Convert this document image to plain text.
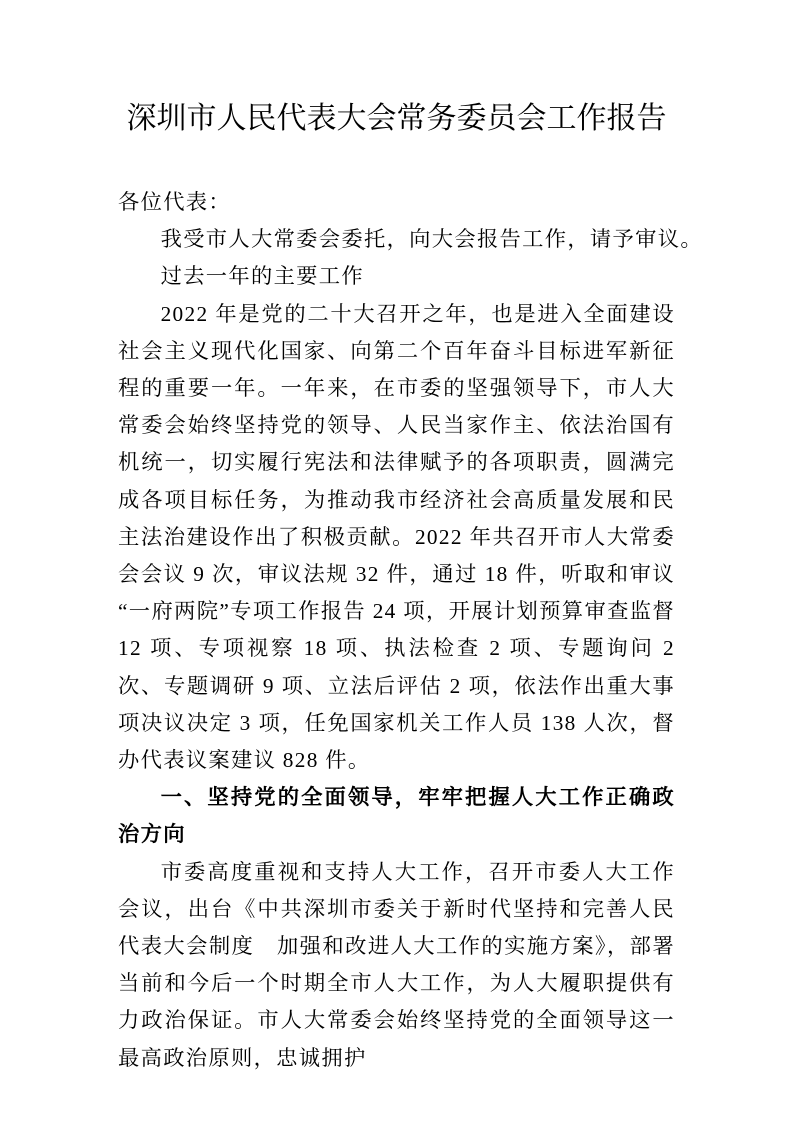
深圳市人民代表大会常务委员会工作报告

各位代表：

我受市人大常委会委托，向大会报告工作，请予审议。

过去一年的主要工作

2022 年是党的二十大召开之年，也是进入全面建设社会主义现代化国家、向第二个百年奋斗目标进军新征程的重要一年。一年来，在市委的坚强领导下，市人大常委会始终坚持党的领导、人民当家作主、依法治国有机统一，切实履行宪法和法律赋予的各项职责，圆满完成各项目标任务，为推动我市经济社会高质量发展和民主法治建设作出了积极贡献。2022 年共召开市人大常委会会议 9 次，审议法规 32 件，通过 18 件，听取和审议“一府两院”专项工作报告 24 项，开展计划预算审查监督 12 项、专项视察 18 项、执法检查 2 项、专题询问 2 次、专题调研 9 项、立法后评估 2 项，依法作出重大事项决议决定 3 项，任免国家机关工作人员 138 人次，督办代表议案建议 828 件。

一、坚持党的全面领导，牢牢把握人大工作正确政治方向

市委高度重视和支持人大工作，召开市委人大工作会议，出台《中共深圳市委关于新时代坚持和完善人民代表大会制度　加强和改进人大工作的实施方案》，部署当前和今后一个时期全市人大工作，为人大履职提供有力政治保证。市人大常委会始终坚持党的全面领导这一最高政治原则，忠诚拥护
